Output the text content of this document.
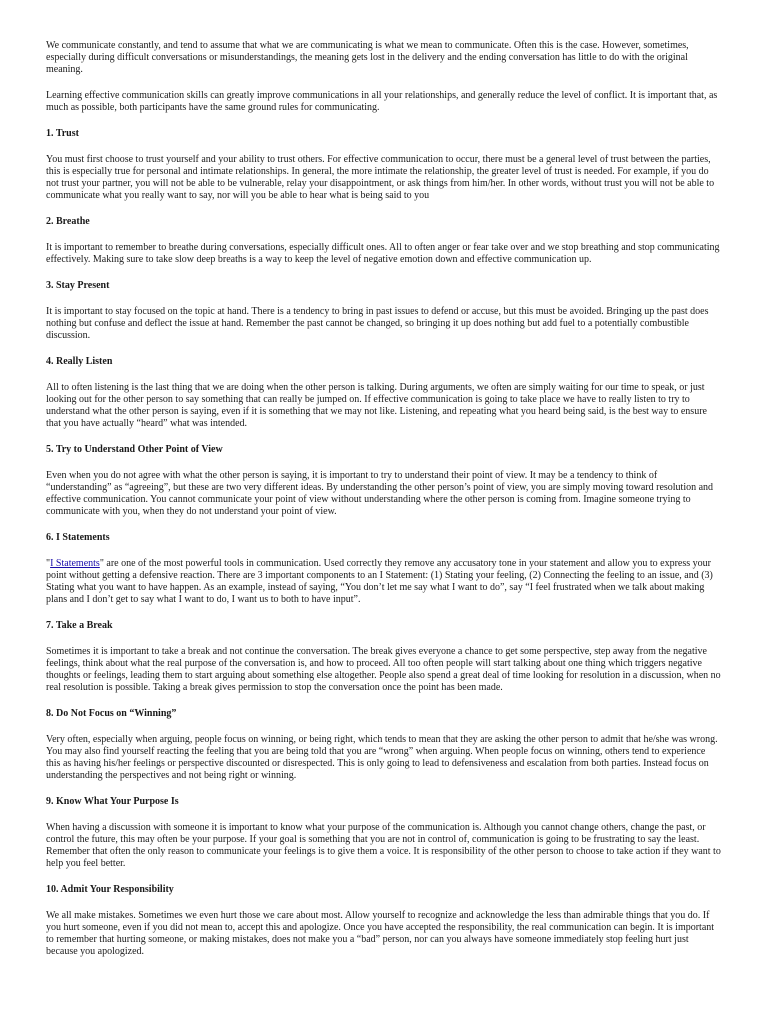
We communicate constantly, and tend to assume that what we are communicating is what we mean to communicate. Often this is the case. However, sometimes, especially during difficult conversations or misunderstandings, the meaning gets lost in the delivery and the ending conversation has little to do with the original meaning.

Learning effective communication skills can greatly improve communications in all your relationships, and generally reduce the level of conflict. It is important that, as much as possible, both participants have the same ground rules for communicating.

1. Trust

You must first choose to trust yourself and your ability to trust others. For effective communication to occur, there must be a general level of trust between the parties, this is especially true for personal and intimate relationships. In general, the more intimate the relationship, the greater level of trust is needed. For example, if you do not trust your partner, you will not be able to be vulnerable, relay your disappointment, or ask things from him/her. In other words, without trust you will not be able to communicate what you really want to say, nor will you be able to hear what is being said to you

2. Breathe

It is important to remember to breathe during conversations, especially difficult ones. All to often anger or fear take over and we stop breathing and stop communicating effectively. Making sure to take slow deep breaths is a way to keep the level of negative emotion down and effective communication up.

3. Stay Present

It is important to stay focused on the topic at hand. There is a tendency to bring in past issues to defend or accuse, but this must be avoided. Bringing up the past does nothing but confuse and deflect the issue at hand. Remember the past cannot be changed, so bringing it up does nothing but add fuel to a potentially combustible discussion.

4. Really Listen

All to often listening is the last thing that we are doing when the other person is talking. During arguments, we often are simply waiting for our time to speak, or just looking out for the other person to say something that can really be jumped on. If effective communication is going to take place we have to really listen to try to understand what the other person is saying, even if it is something that we may not like. Listening, and repeating what you heard being said, is the best way to ensure that you have actually “heard” what was intended.

5. Try to Understand Other Point of View

Even when you do not agree with what the other person is saying, it is important to try to understand their point of view. It may be a tendency to think of “understanding” as “agreeing”, but these are two very different ideas. By understanding the other person’s point of view, you are simply moving toward resolution and effective communication. You cannot communicate your point of view without understanding where the other person is coming from. Imagine someone trying to communicate with you, when they do not understand your point of view.

6. I Statements

"I Statements" are one of the most powerful tools in communication. Used correctly they remove any accusatory tone in your statement and allow you to express your point without getting a defensive reaction. There are 3 important components to an I Statement: (1) Stating your feeling, (2) Connecting the feeling to an issue, and (3) Stating what you want to have happen. As an example, instead of saying, “You don’t let me say what I want to do”, say “I feel frustrated when we talk about making plans and I don’t get to say what I want to do, I want us to both to have input”.

7. Take a Break

Sometimes it is important to take a break and not continue the conversation. The break gives everyone a chance to get some perspective, step away from the negative feelings, think about what the real purpose of the conversation is, and how to proceed. All too often people will start talking about one thing which triggers negative thoughts or feelings, leading them to start arguing about something else altogether. People also spend a great deal of time looking for resolution in a discussion, when no real resolution is possible. Taking a break gives permission to stop the conversation once the point has been made.

8. Do Not Focus on “Winning”

Very often, especially when arguing, people focus on winning, or being right, which tends to mean that they are asking the other person to admit that he/she was wrong. You may also find yourself reacting the feeling that you are being told that you are “wrong” when arguing. When people focus on winning, others tend to experience this as having his/her feelings or perspective discounted or disrespected. This is only going to lead to defensiveness and escalation from both parties. Instead focus on understanding the perspectives and not being right or winning.

9. Know What Your Purpose Is

When having a discussion with someone it is important to know what your purpose of the communication is. Although you cannot change others, change the past, or control the future, this may often be your purpose. If your goal is something that you are not in control of, communication is going to be frustrating to say the least. Remember that often the only reason to communicate your feelings is to give them a voice. It is responsibility of the other person to choose to take action if they want to help you feel better.

10. Admit Your Responsibility

We all make mistakes. Sometimes we even hurt those we care about most. Allow yourself to recognize and acknowledge the less than admirable things that you do. If you hurt someone, even if you did not mean to, accept this and apologize. Once you have accepted the responsibility, the real communication can begin. It is important to remember that hurting someone, or making mistakes, does not make you a “bad” person, nor can you always have someone immediately stop feeling hurt just because you apologized.
